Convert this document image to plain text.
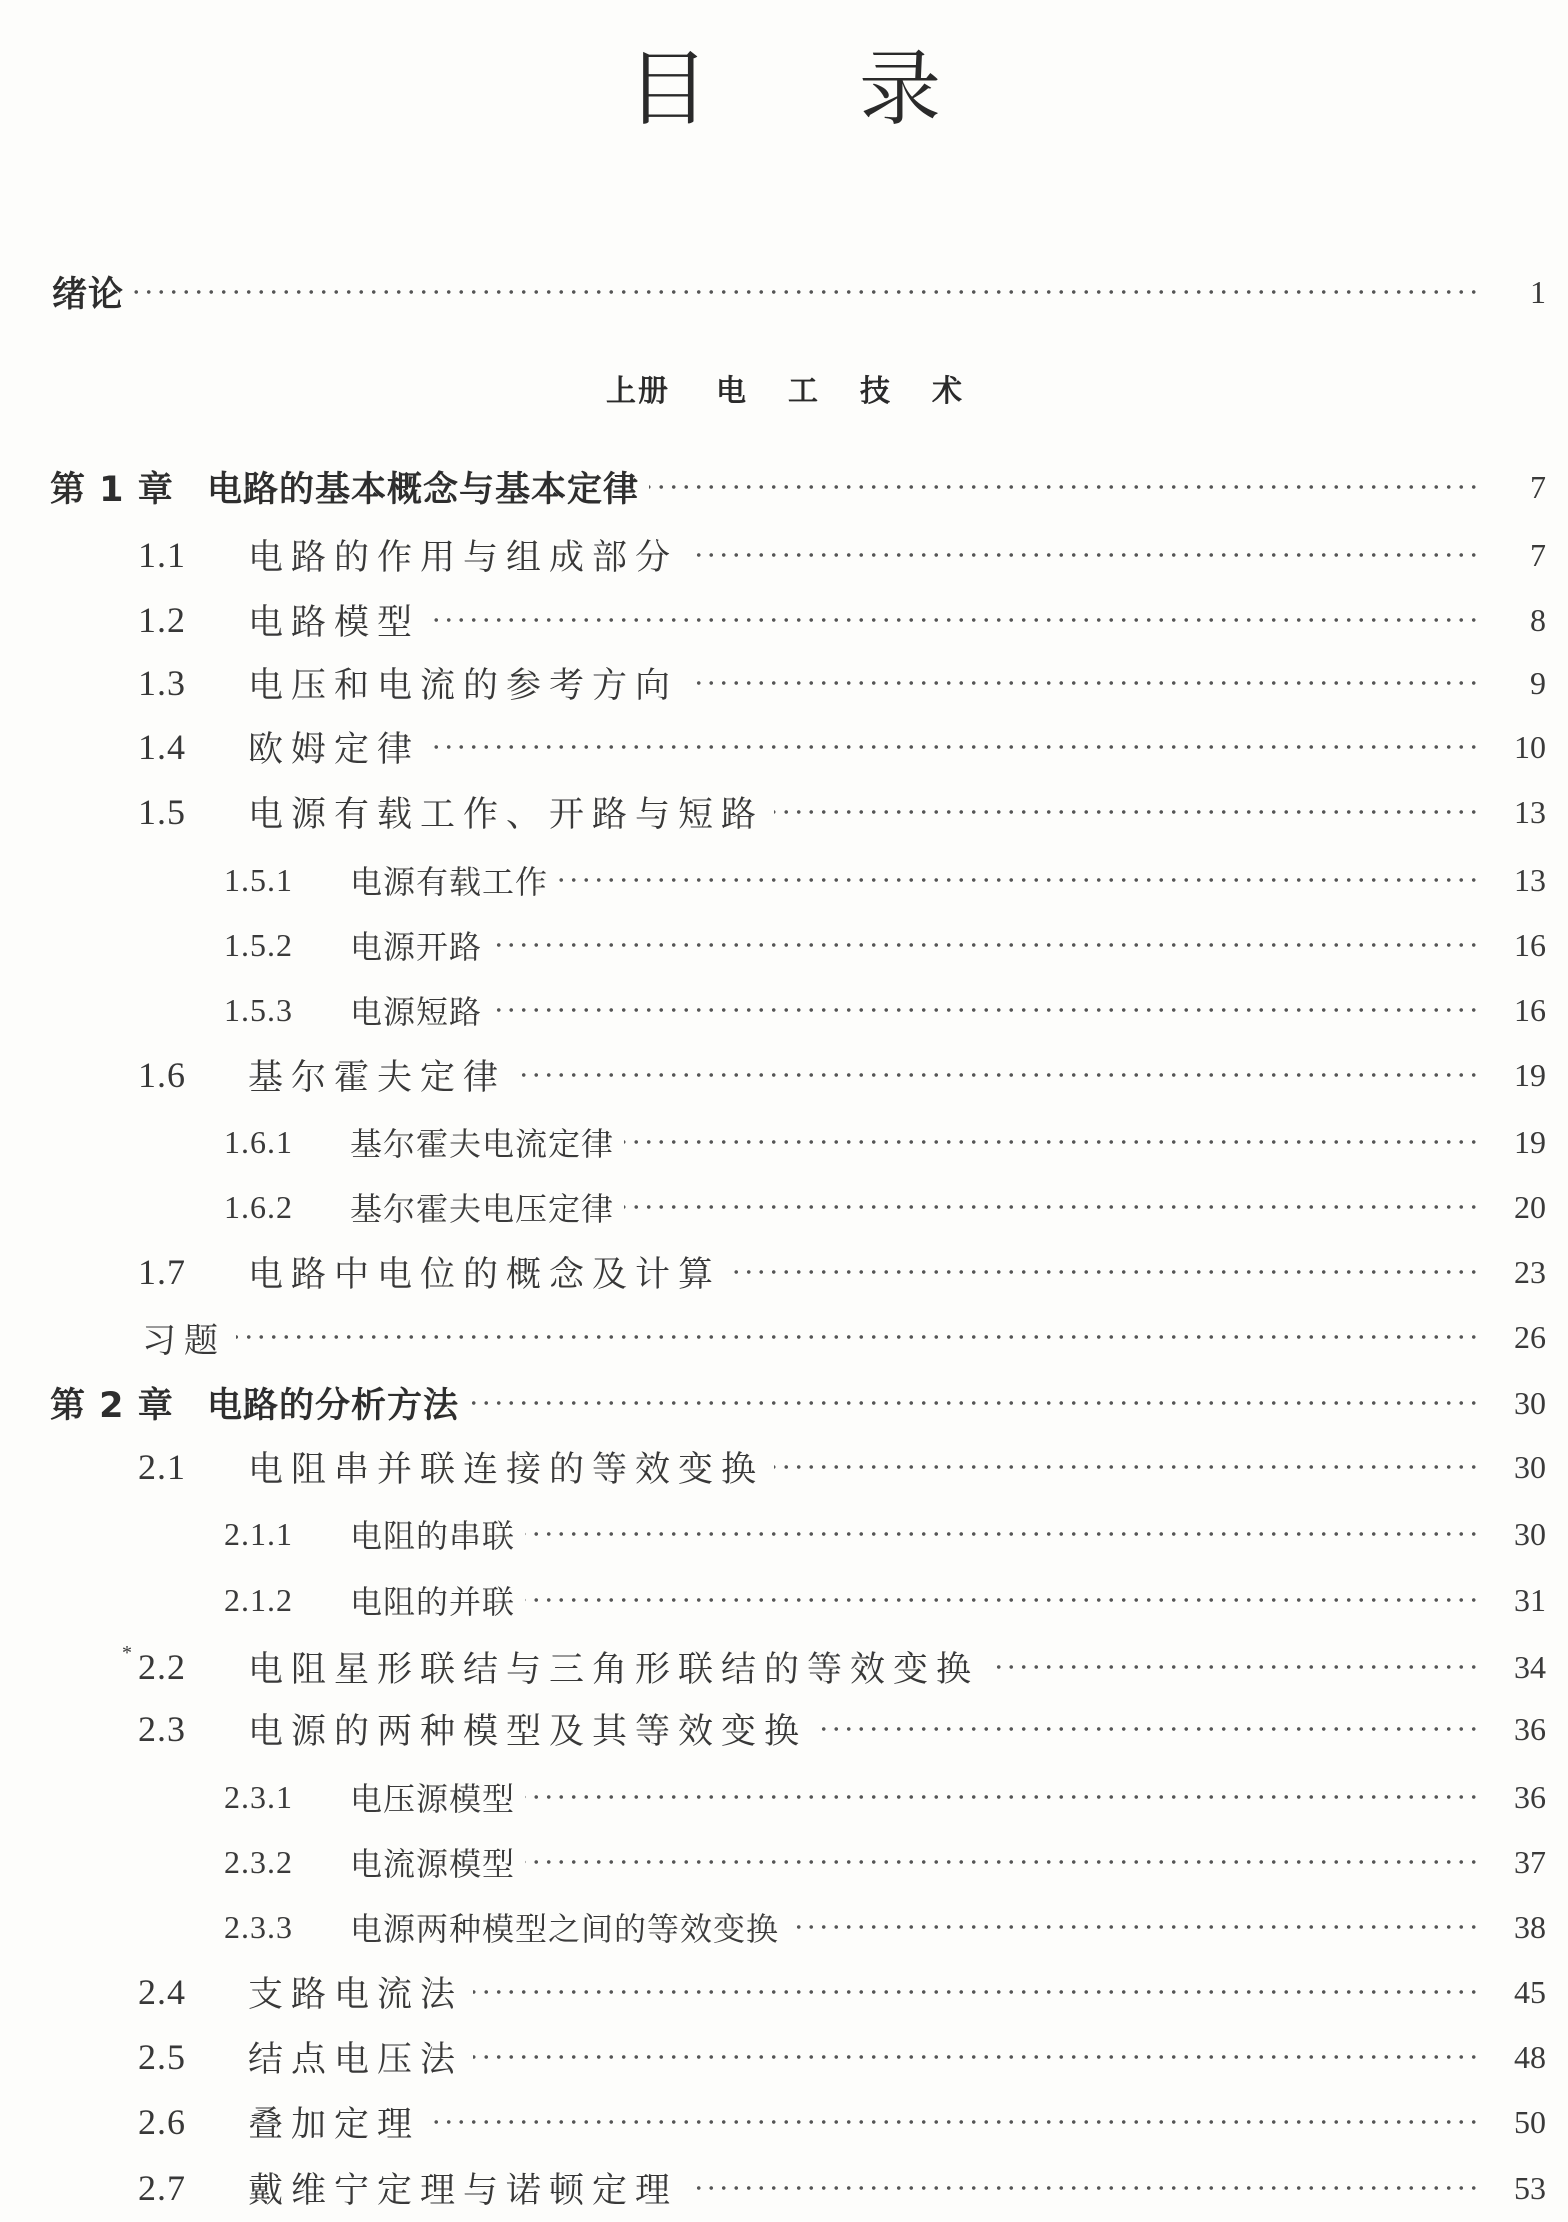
目 录
绪论	1
上册 电工技术
第 1 章 电路的基本概念与基本定律	7
1.1	电路的作用与组成部分	7
1.2	电路模型	8
1.3	电压和电流的参考方向	9
1.4	欧姆定律	10
1.5	电源有载工作、开路与短路	13
1.5.1	电源有载工作	13
1.5.2	电源开路	16
1.5.3	电源短路	16
1.6	基尔霍夫定律	19
1.6.1	基尔霍夫电流定律	19
1.6.2	基尔霍夫电压定律	20
1.7	电路中电位的概念及计算	23
习题	26
第 2 章 电路的分析方法	30
2.1	电阻串并联连接的等效变换	30
2.1.1	电阻的串联	30
2.1.2	电阻的并联	31
* 2.2	电阻星形联结与三角形联结的等效变换	34
2.3	电源的两种模型及其等效变换	36
2.3.1	电压源模型	36
2.3.2	电流源模型	37
2.3.3	电源两种模型之间的等效变换	38
2.4	支路电流法	45
2.5	结点电压法	48
2.6	叠加定理	50
2.7	戴维宁定理与诺顿定理	53
